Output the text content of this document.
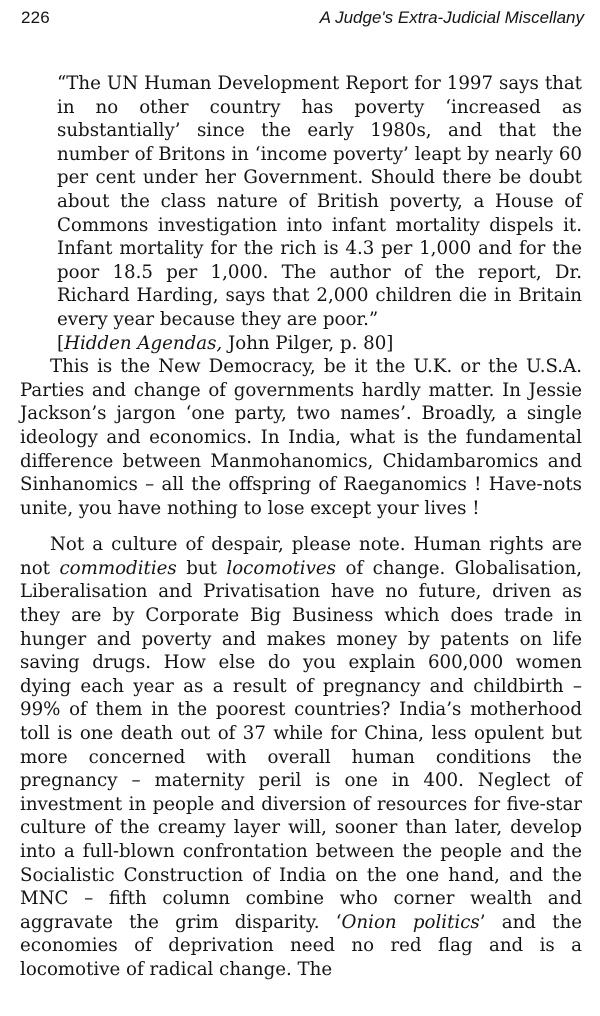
226	A Judge's Extra-Judicial Miscellany

“The UN Human Development Report for 1997 says that in no other country has poverty ‘increased as substantially’ since the early 1980s, and that the number of Britons in ‘income poverty’ leapt by nearly 60 per cent under her Government. Should there be doubt about the class nature of British poverty, a House of Commons investigation into infant mortality dispels it. Infant mortality for the rich is 4.3 per 1,000 and for the poor 18.5 per 1,000. The author of the report, Dr. Richard Harding, says that 2,000 children die in Britain every year because they are poor.”

[Hidden Agendas, John Pilger, p. 80]

This is the New Democracy, be it the U.K. or the U.S.A. Parties and change of governments hardly matter. In Jessie Jackson’s jargon ‘one party, two names’. Broadly, a single ideology and economics. In India, what is the fundamental difference between Manmohanomics, Chidambaromics and Sinhanomics – all the offspring of Raeganomics ! Have-nots unite, you have nothing to lose except your lives !

Not a culture of despair, please note. Human rights are not commodities but locomotives of change. Globalisation, Liberalisation and Privatisation have no future, driven as they are by Corporate Big Business which does trade in hunger and poverty and makes money by patents on life saving drugs. How else do you explain 600,000 women dying each year as a result of pregnancy and childbirth – 99% of them in the poorest countries? India’s motherhood toll is one death out of 37 while for China, less opulent but more concerned with overall human conditions the pregnancy – maternity peril is one in 400. Neglect of investment in people and diversion of resources for five-star culture of the creamy layer will, sooner than later, develop into a full-blown confrontation between the people and the Socialistic Construction of India on the one hand, and the MNC – fifth column combine who corner wealth and aggravate the grim disparity. ‘Onion politics’ and the economies of deprivation need no red flag and is a locomotive of radical change. The
